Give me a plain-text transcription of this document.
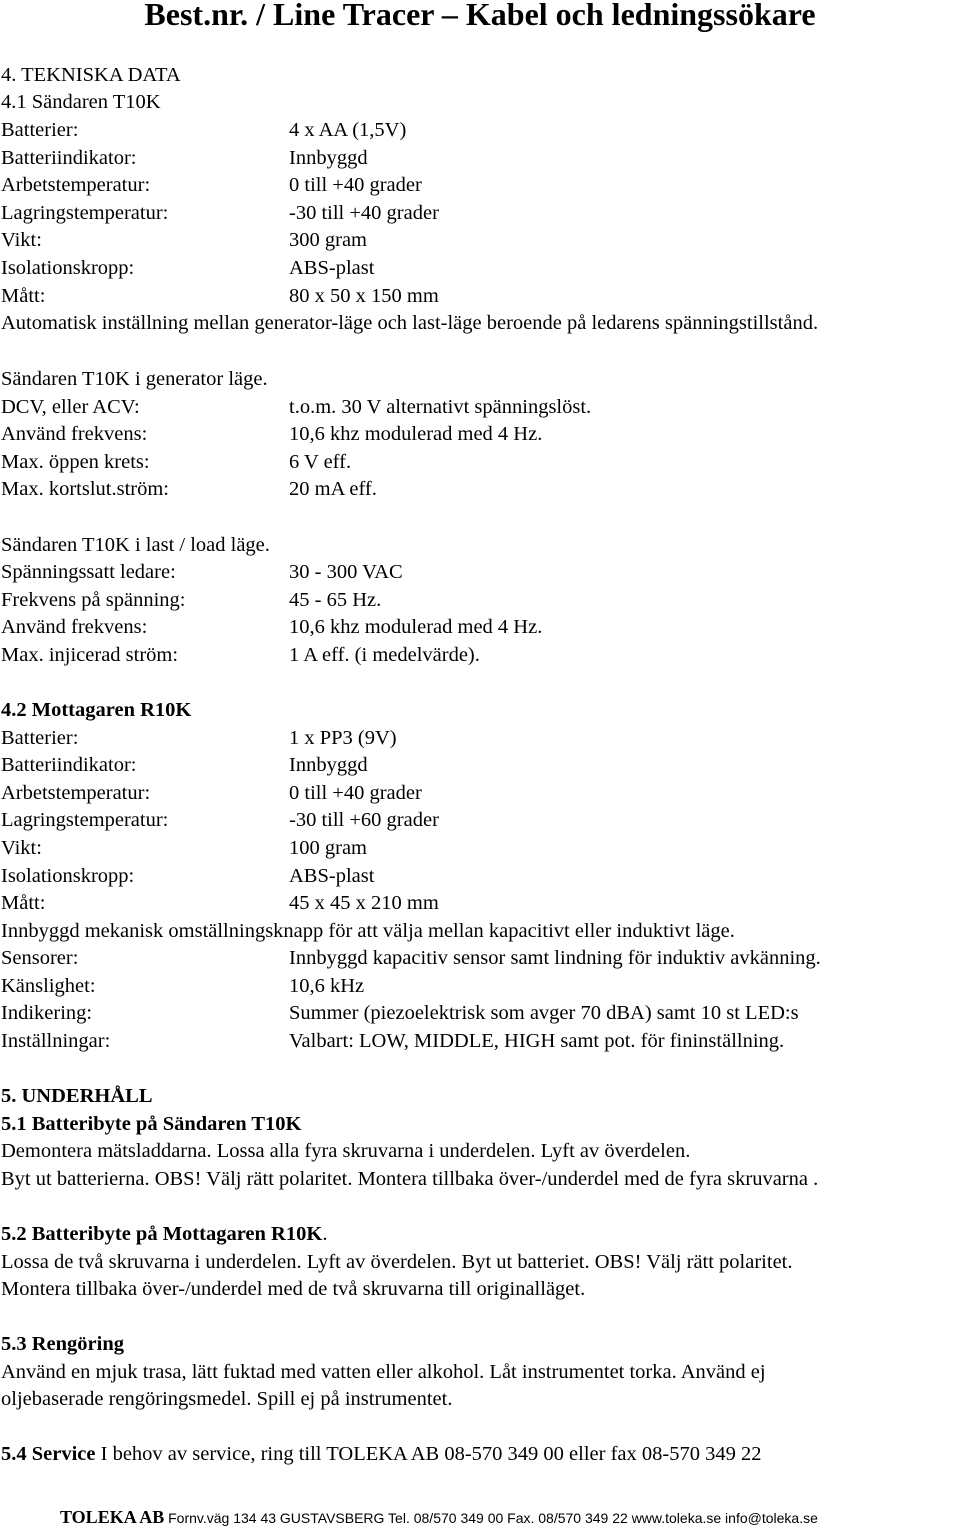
Best.nr. / Line Tracer – Kabel och ledningssökare
4. TEKNISKA DATA
4.1 Sändaren T10K
Batterier:	4 x AA (1,5V)
Batteriindikator:	Innbyggd
Arbetstemperatur:	0 till +40 grader
Lagringstemperatur:	-30 till +40 grader
Vikt:	300 gram
Isolationskropp:	ABS-plast
Mått:	80 x 50 x 150 mm
Automatisk inställning mellan generator-läge och last-läge beroende på ledarens spänningstillstånd.
Sändaren T10K i generator läge.
DCV, eller ACV:	t.o.m. 30 V alternativt spänningslöst.
Använd frekvens:	10,6 khz modulerad med 4 Hz.
Max. öppen krets:	6 V eff.
Max. kortslut.ström:	20 mA eff.
Sändaren T10K i last / load läge.
Spänningssatt ledare:	30 - 300 VAC
Frekvens på spänning:	45 - 65 Hz.
Använd frekvens:	10,6 khz modulerad med 4 Hz.
Max. injicerad ström:	1 A eff. (i medelvärde).
4.2 Mottagaren R10K
Batterier:	1 x PP3 (9V)
Batteriindikator:	Innbyggd
Arbetstemperatur:	0 till +40 grader
Lagringstemperatur:	-30 till +60 grader
Vikt:	100 gram
Isolationskropp:	ABS-plast
Mått:	45 x 45 x 210 mm
Innbyggd mekanisk omställningsknapp för att välja mellan kapacitivt eller induktivt läge.
Sensorer:	Innbyggd kapacitiv sensor samt lindning för induktiv avkänning.
Känslighet:	10,6 kHz
Indikering:	Summer (piezoelektrisk som avger 70 dBA) samt 10 st LED:s
Inställningar:	Valbart: LOW, MIDDLE, HIGH samt pot. för fininställning.
5. UNDERHÅLL
5.1 Batteribyte på Sändaren T10K
Demontera mätsladdarna. Lossa alla fyra skruvarna i underdelen. Lyft av överdelen.
Byt ut batterierna. OBS! Välj rätt polaritet. Montera tillbaka över-/underdel med de fyra skruvarna .
5.2 Batteribyte på Mottagaren R10K.
Lossa de två skruvarna i underdelen. Lyft av överdelen. Byt ut batteriet. OBS! Välj rätt polaritet.
Montera tillbaka över-/underdel med de två skruvarna till originalläget.
5.3 Rengöring
Använd en mjuk trasa, lätt fuktad med vatten eller alkohol. Låt instrumentet torka. Använd ej
oljebaserade rengöringsmedel. Spill ej på instrumentet.
5.4 Service I behov av service, ring till TOLEKA AB 08-570 349 00 eller fax 08-570 349 22
TOLEKA AB Fornv.väg 134 43 GUSTAVSBERG Tel. 08/570 349 00 Fax. 08/570 349 22 www.toleka.se info@toleka.se
